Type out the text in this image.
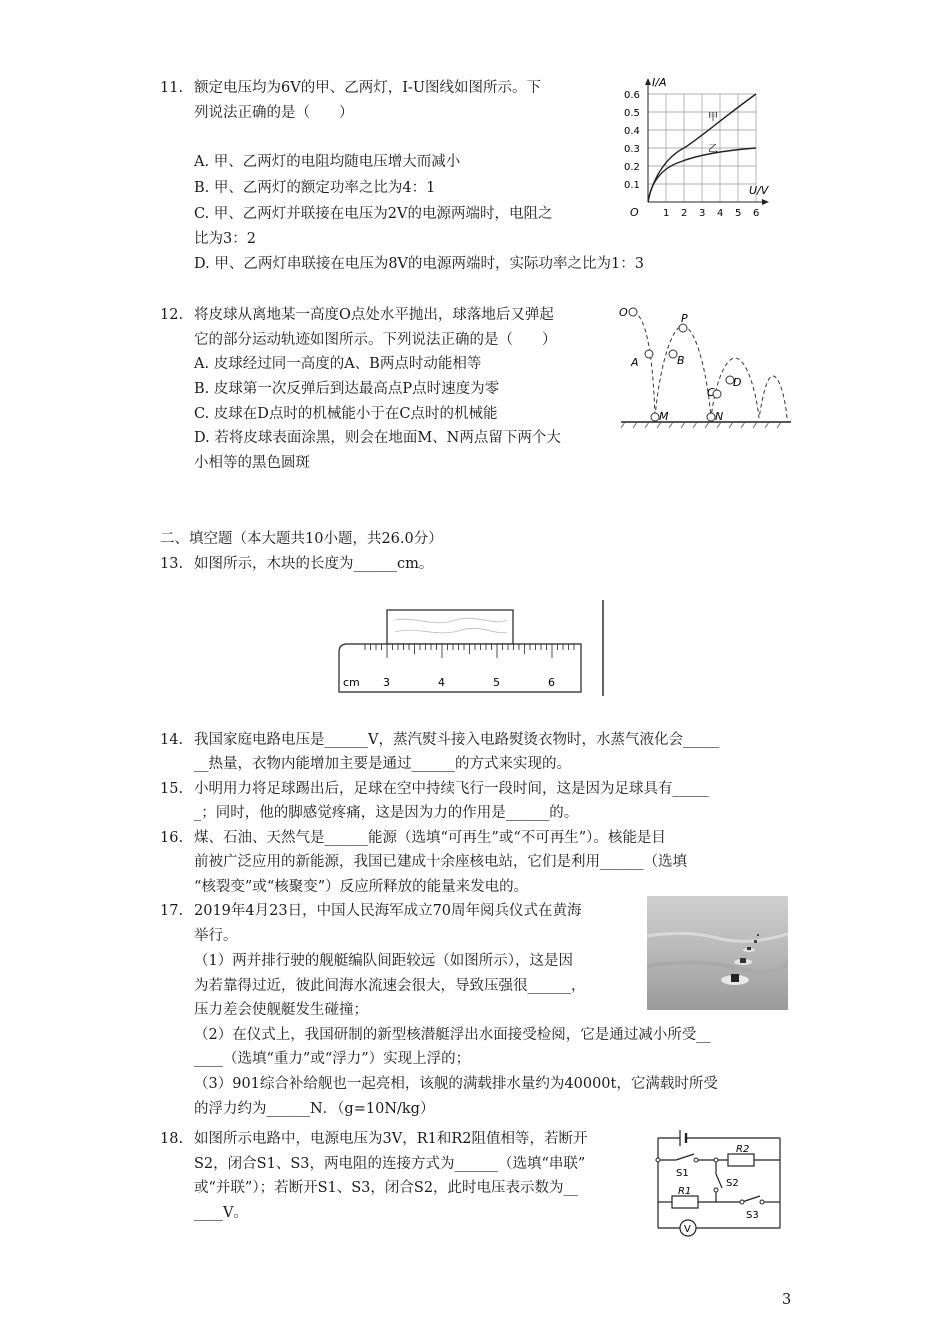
11. 额定电压均为6V的甲、乙两灯，I-U图线如图所示。下
列说法正确的是（　　）
A. 甲、乙两灯的电阻均随电压增大而减小
B. 甲、乙两灯的额定功率之比为4：1
C. 甲、乙两灯并联接在电压为2V的电源两端时，电阻之
比为3：2
D. 甲、乙两灯串联接在电压为8V的电源两端时，实际功率之比为1：3
I/A
U/V
O
0.6
0.5
0.4
0.3
0.2
0.1
1 2 3 4 5 6
甲
乙
12. 将皮球从离地某一高度O点处水平抛出，球落地后又弹起
它的部分运动轨迹如图所示。下列说法正确的是（　　）
A. 皮球经过同一高度的A、B两点时动能相等
B. 皮球第一次反弹后到达最高点P点时速度为零
C. 皮球在D点时的机械能小于在C点时的机械能
D. 若将皮球表面涂黑，则会在地面M、N两点留下两个大
小相等的黑色圆斑
O	P
A	B
C
D
M	N
二、填空题（本大题共10小题，共26.0分）
13. 如图所示，木块的长度为______cm。
cm 3	4	5	6
14. 我国家庭电路电压是______V，蒸汽熨斗接入电路熨烫衣物时，水蒸气液化会_____
__热量，衣物内能增加主要是通过______的方式来实现的。
15. 小明用力将足球踢出后，足球在空中持续飞行一段时间，这是因为足球具有_____
_；同时，他的脚感觉疼痛，这是因为力的作用是______的。
16. 煤、石油、天然气是______能源（选填“可再生”或“不可再生”）。核能是目
前被广泛应用的新能源，我国已建成十余座核电站，它们是利用______（选填
“核裂变”或“核聚变”）反应所释放的能量来发电的。
17. 2019年4月23日，中国人民海军成立70周年阅兵仪式在黄海
举行。
（1）两并排行驶的舰艇编队间距较远（如图所示），这是因
为若靠得过近，彼此间海水流速会很大，导致压强很______，
压力差会使舰艇发生碰撞；
（2）在仪式上，我国研制的新型核潜艇浮出水面接受检阅，它是通过减小所受__
____（选填“重力”或“浮力”）实现上浮的；
（3）901综合补给舰也一起亮相，该舰的满载排水量约为40000t，它满载时所受
的浮力约为______N．（g=10N/kg）
18. 如图所示电路中，电源电压为3V，R1和R2阻值相等，若断开
S2，闭合S1、S3，两电阻的连接方式为______（选填“串联”
或“并联”）；若断开S1、S3，闭合S2，此时电压表示数为__
____V。
R2
R1
S1
S2
S3
V
3
